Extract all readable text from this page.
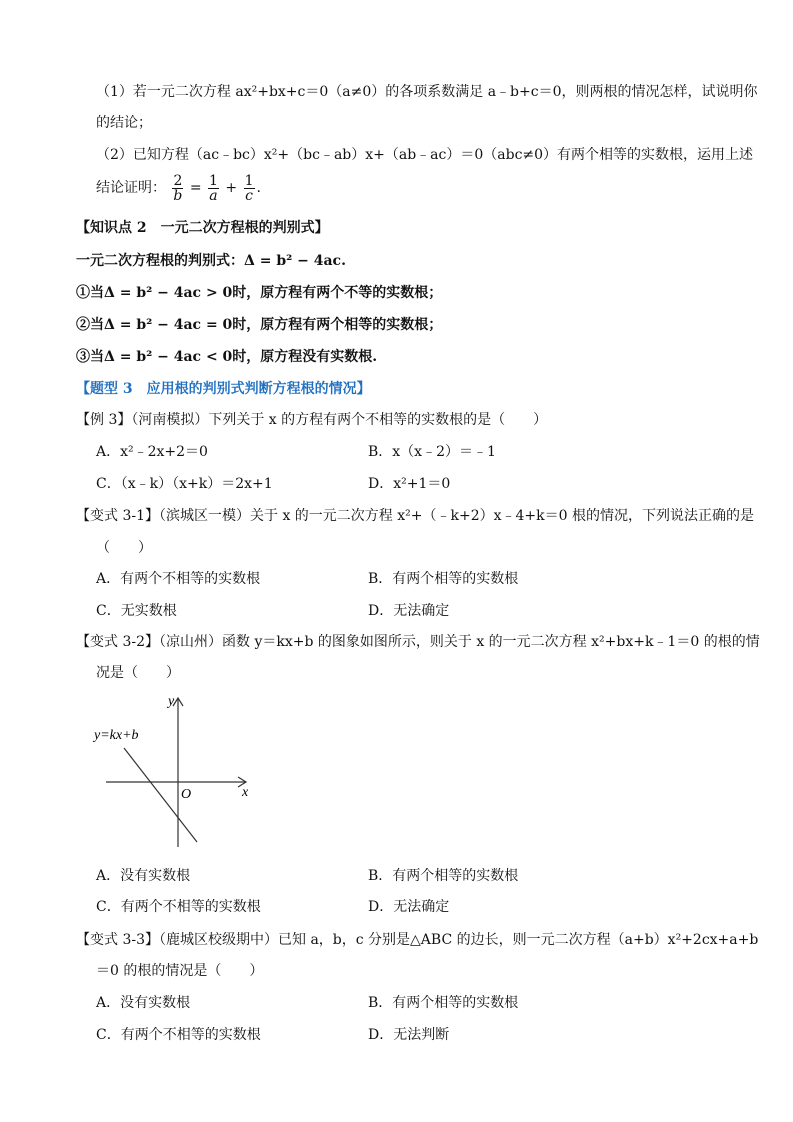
（1）若一元二次方程 ax²+bx+c＝0（a≠0）的各项系数满足 a﹣b+c＝0，则两根的情况怎样，试说明你
的结论；
（2）已知方程（ac﹣bc）x²+（bc﹣ab）x+（ab﹣ac）＝0（abc≠0）有两个相等的实数根，运用上述
结论证明： $\frac{2}{b} = \frac{1}{a} + \frac{1}{c}$ .
【知识点 2　一元二次方程根的判别式】
一元二次方程根的判别式：Δ = b² − 4ac.
①当Δ = b² − 4ac > 0时，原方程有两个不等的实数根；
②当Δ = b² − 4ac = 0时，原方程有两个相等的实数根；
③当Δ = b² − 4ac < 0时，原方程没有实数根.
【题型 3　应用根的判别式判断方程根的情况】
【例 3】（河南模拟）下列关于 x 的方程有两个不相等的实数根的是（　　）
A．x²﹣2x+2＝0	B．x（x﹣2）＝﹣1
C．（x﹣k）（x+k）＝2x+1	D．x²+1＝0
【变式 3-1】（滨城区一模）关于 x 的一元二次方程 x²+（﹣k+2）x﹣4+k＝0 根的情况，下列说法正确的是
（　　）
A．有两个不相等的实数根	B．有两个相等的实数根
C．无实数根	D．无法确定
【变式 3-2】（凉山州）函数 y＝kx+b 的图象如图所示，则关于 x 的一元二次方程 x²+bx+k﹣1＝0 的根的情
况是（　　）
y=kx+b
y
x
O
A．没有实数根	B．有两个相等的实数根
C．有两个不相等的实数根	D．无法确定
【变式 3-3】（鹿城区校级期中）已知 a，b，c 分别是△ABC 的边长，则一元二次方程（a+b）x²+2cx+a+b
＝0 的根的情况是（　　）
A．没有实数根	B．有两个相等的实数根
C．有两个不相等的实数根	D．无法判断
